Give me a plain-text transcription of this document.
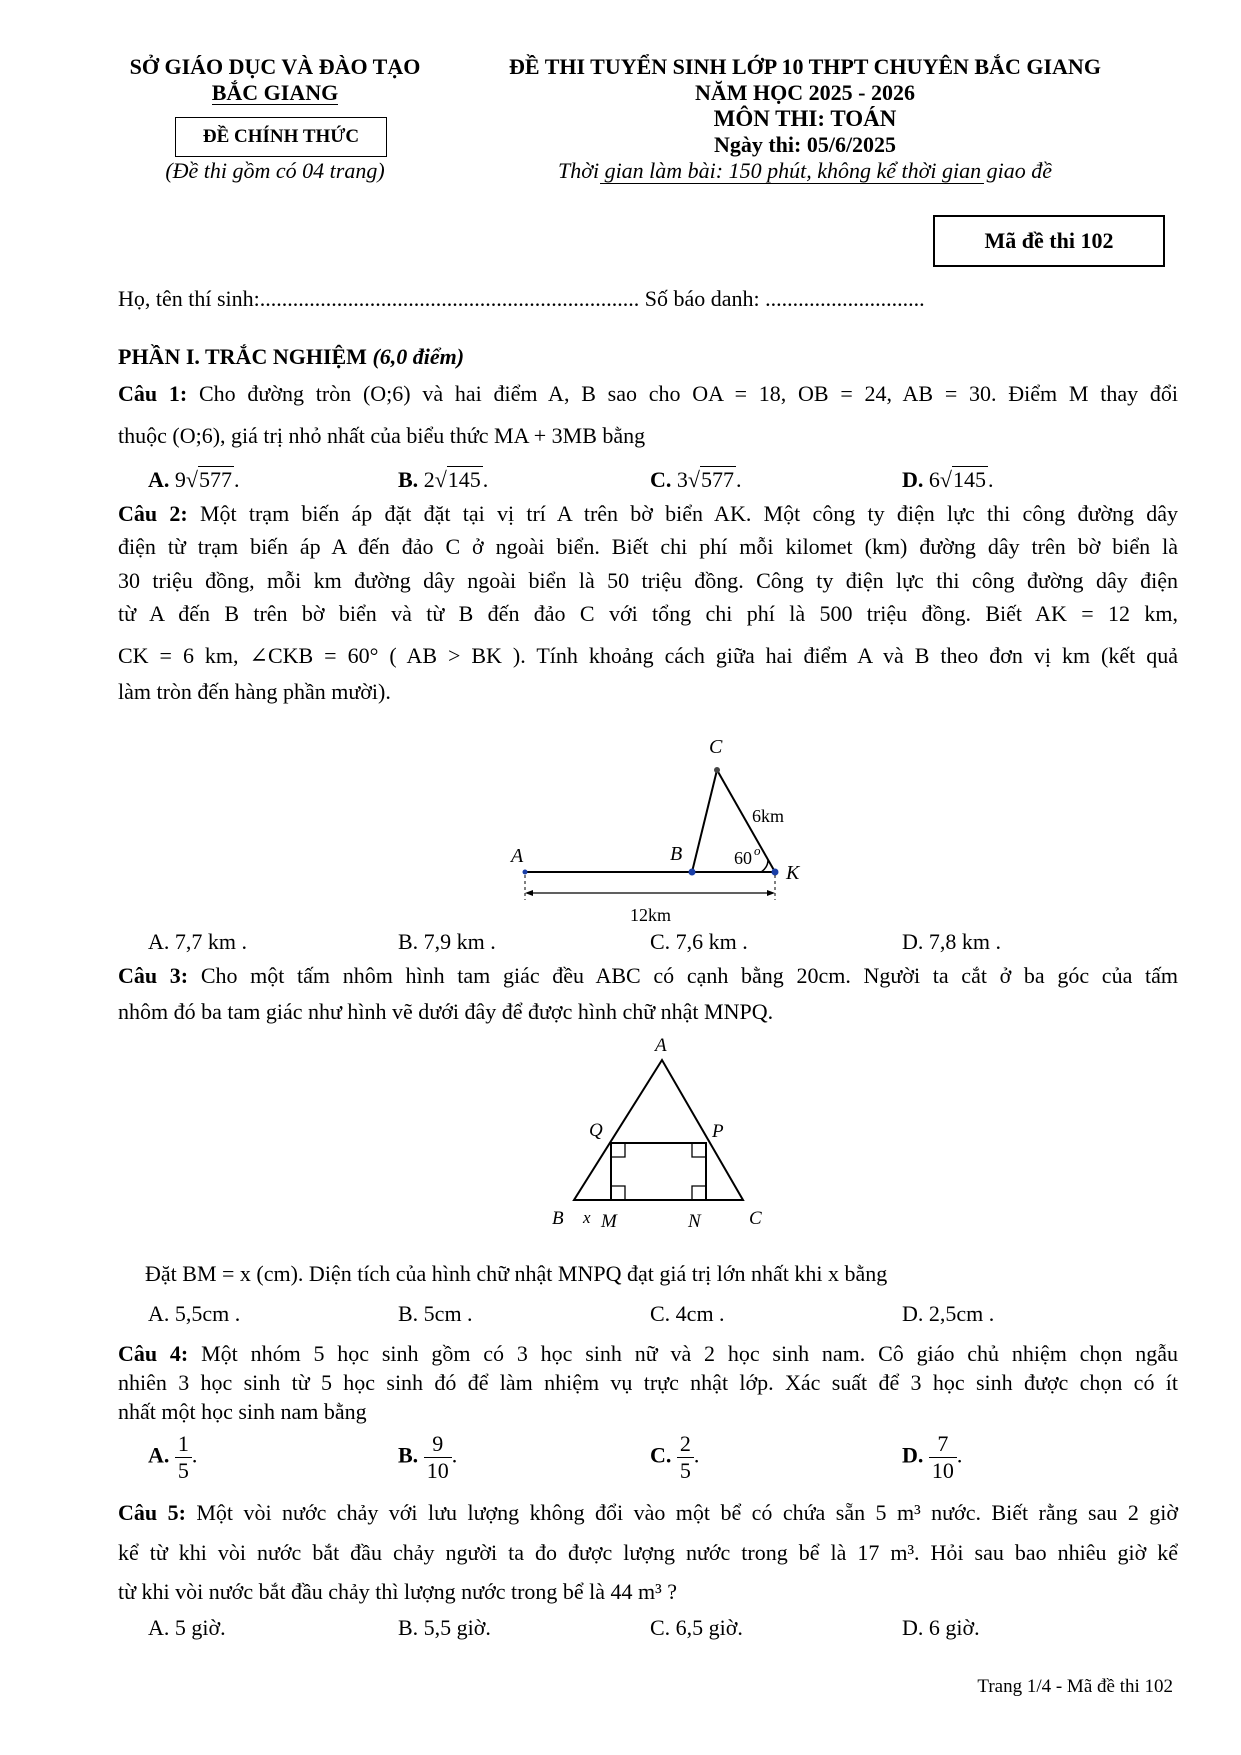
SỞ GIÁO DỤC VÀ ĐÀO TẠO
BẮC GIANG
ĐỀ CHÍNH THỨC
(Đề thi gồm có 04 trang)
ĐỀ THI TUYỂN SINH LỚP 10 THPT CHUYÊN BẮC GIANG
NĂM HỌC 2025 - 2026
MÔN THI: TOÁN
Ngày thi: 05/6/2025
Thời gian làm bài: 150 phút, không kể thời gian giao đề
Mã đề thi 102
Họ, tên thí sinh:..................................................................... Số báo danh: .............................
PHẦN I. TRẮC NGHIỆM (6,0 điểm)
Câu 1: Cho đường tròn (O;6) và hai điểm A, B sao cho OA = 18, OB = 24, AB = 30. Điểm M thay đổi
thuộc (O;6), giá trị nhỏ nhất của biểu thức MA + 3MB bằng
A. 9√577.	B. 2√145.	C. 3√577.	D. 6√145.
Câu 2: Một trạm biến áp đặt đặt tại vị trí A trên bờ biển AK. Một công ty điện lực thi công đường dây
điện từ trạm biến áp A đến đảo C ở ngoài biển. Biết chi phí mỗi kilomet (km) đường dây trên bờ biển là
30 triệu đồng, mỗi km đường dây ngoài biển là 50 triệu đồng. Công ty điện lực thi công đường dây điện
từ A đến B trên bờ biển và từ B đến đảo C với tổng chi phí là 500 triệu đồng. Biết AK = 12 km,
CK = 6 km, ∠CKB = 60° ( AB > BK ). Tính khoảng cách giữa hai điểm A và B theo đơn vị km (kết quả
làm tròn đến hàng phần mười).
C
A	B
K
6km
60 o
12km
A. 7,7 km .	B. 7,9 km .	C. 7,6 km .	D. 7,8 km .
Câu 3: Cho một tấm nhôm hình tam giác đều ABC có cạnh bằng 20cm. Người ta cắt ở ba góc của tấm
nhôm đó ba tam giác như hình vẽ dưới đây để được hình chữ nhật MNPQ.
A
Q	P
B x M	N	C
Đặt BM = x (cm). Diện tích của hình chữ nhật MNPQ đạt giá trị lớn nhất khi x bằng
A. 5,5cm .	B. 5cm .	C. 4cm .	D. 2,5cm .
Câu 4: Một nhóm 5 học sinh gồm có 3 học sinh nữ và 2 học sinh nam. Cô giáo chủ nhiệm chọn ngẫu
nhiên 3 học sinh từ 5 học sinh đó để làm nhiệm vụ trực nhật lớp. Xác suất để 3 học sinh được chọn có ít
nhất một học sinh nam bằng
A. $\frac{1}{5}$ .	B. $\frac{9}{10}$ .	C. $\frac{2}{5}$ .	D. $\frac{7}{10}$ .
Câu 5: Một vòi nước chảy với lưu lượng không đổi vào một bể có chứa sẵn 5 m³ nước. Biết rằng sau 2 giờ
kể từ khi vòi nước bắt đầu chảy người ta đo được lượng nước trong bể là 17 m³. Hỏi sau bao nhiêu giờ kể
từ khi vòi nước bắt đầu chảy thì lượng nước trong bể là 44 m³ ?
A. 5 giờ.	B. 5,5 giờ.	C. 6,5 giờ.	D. 6 giờ.
Trang 1/4 - Mã đề thi 102
